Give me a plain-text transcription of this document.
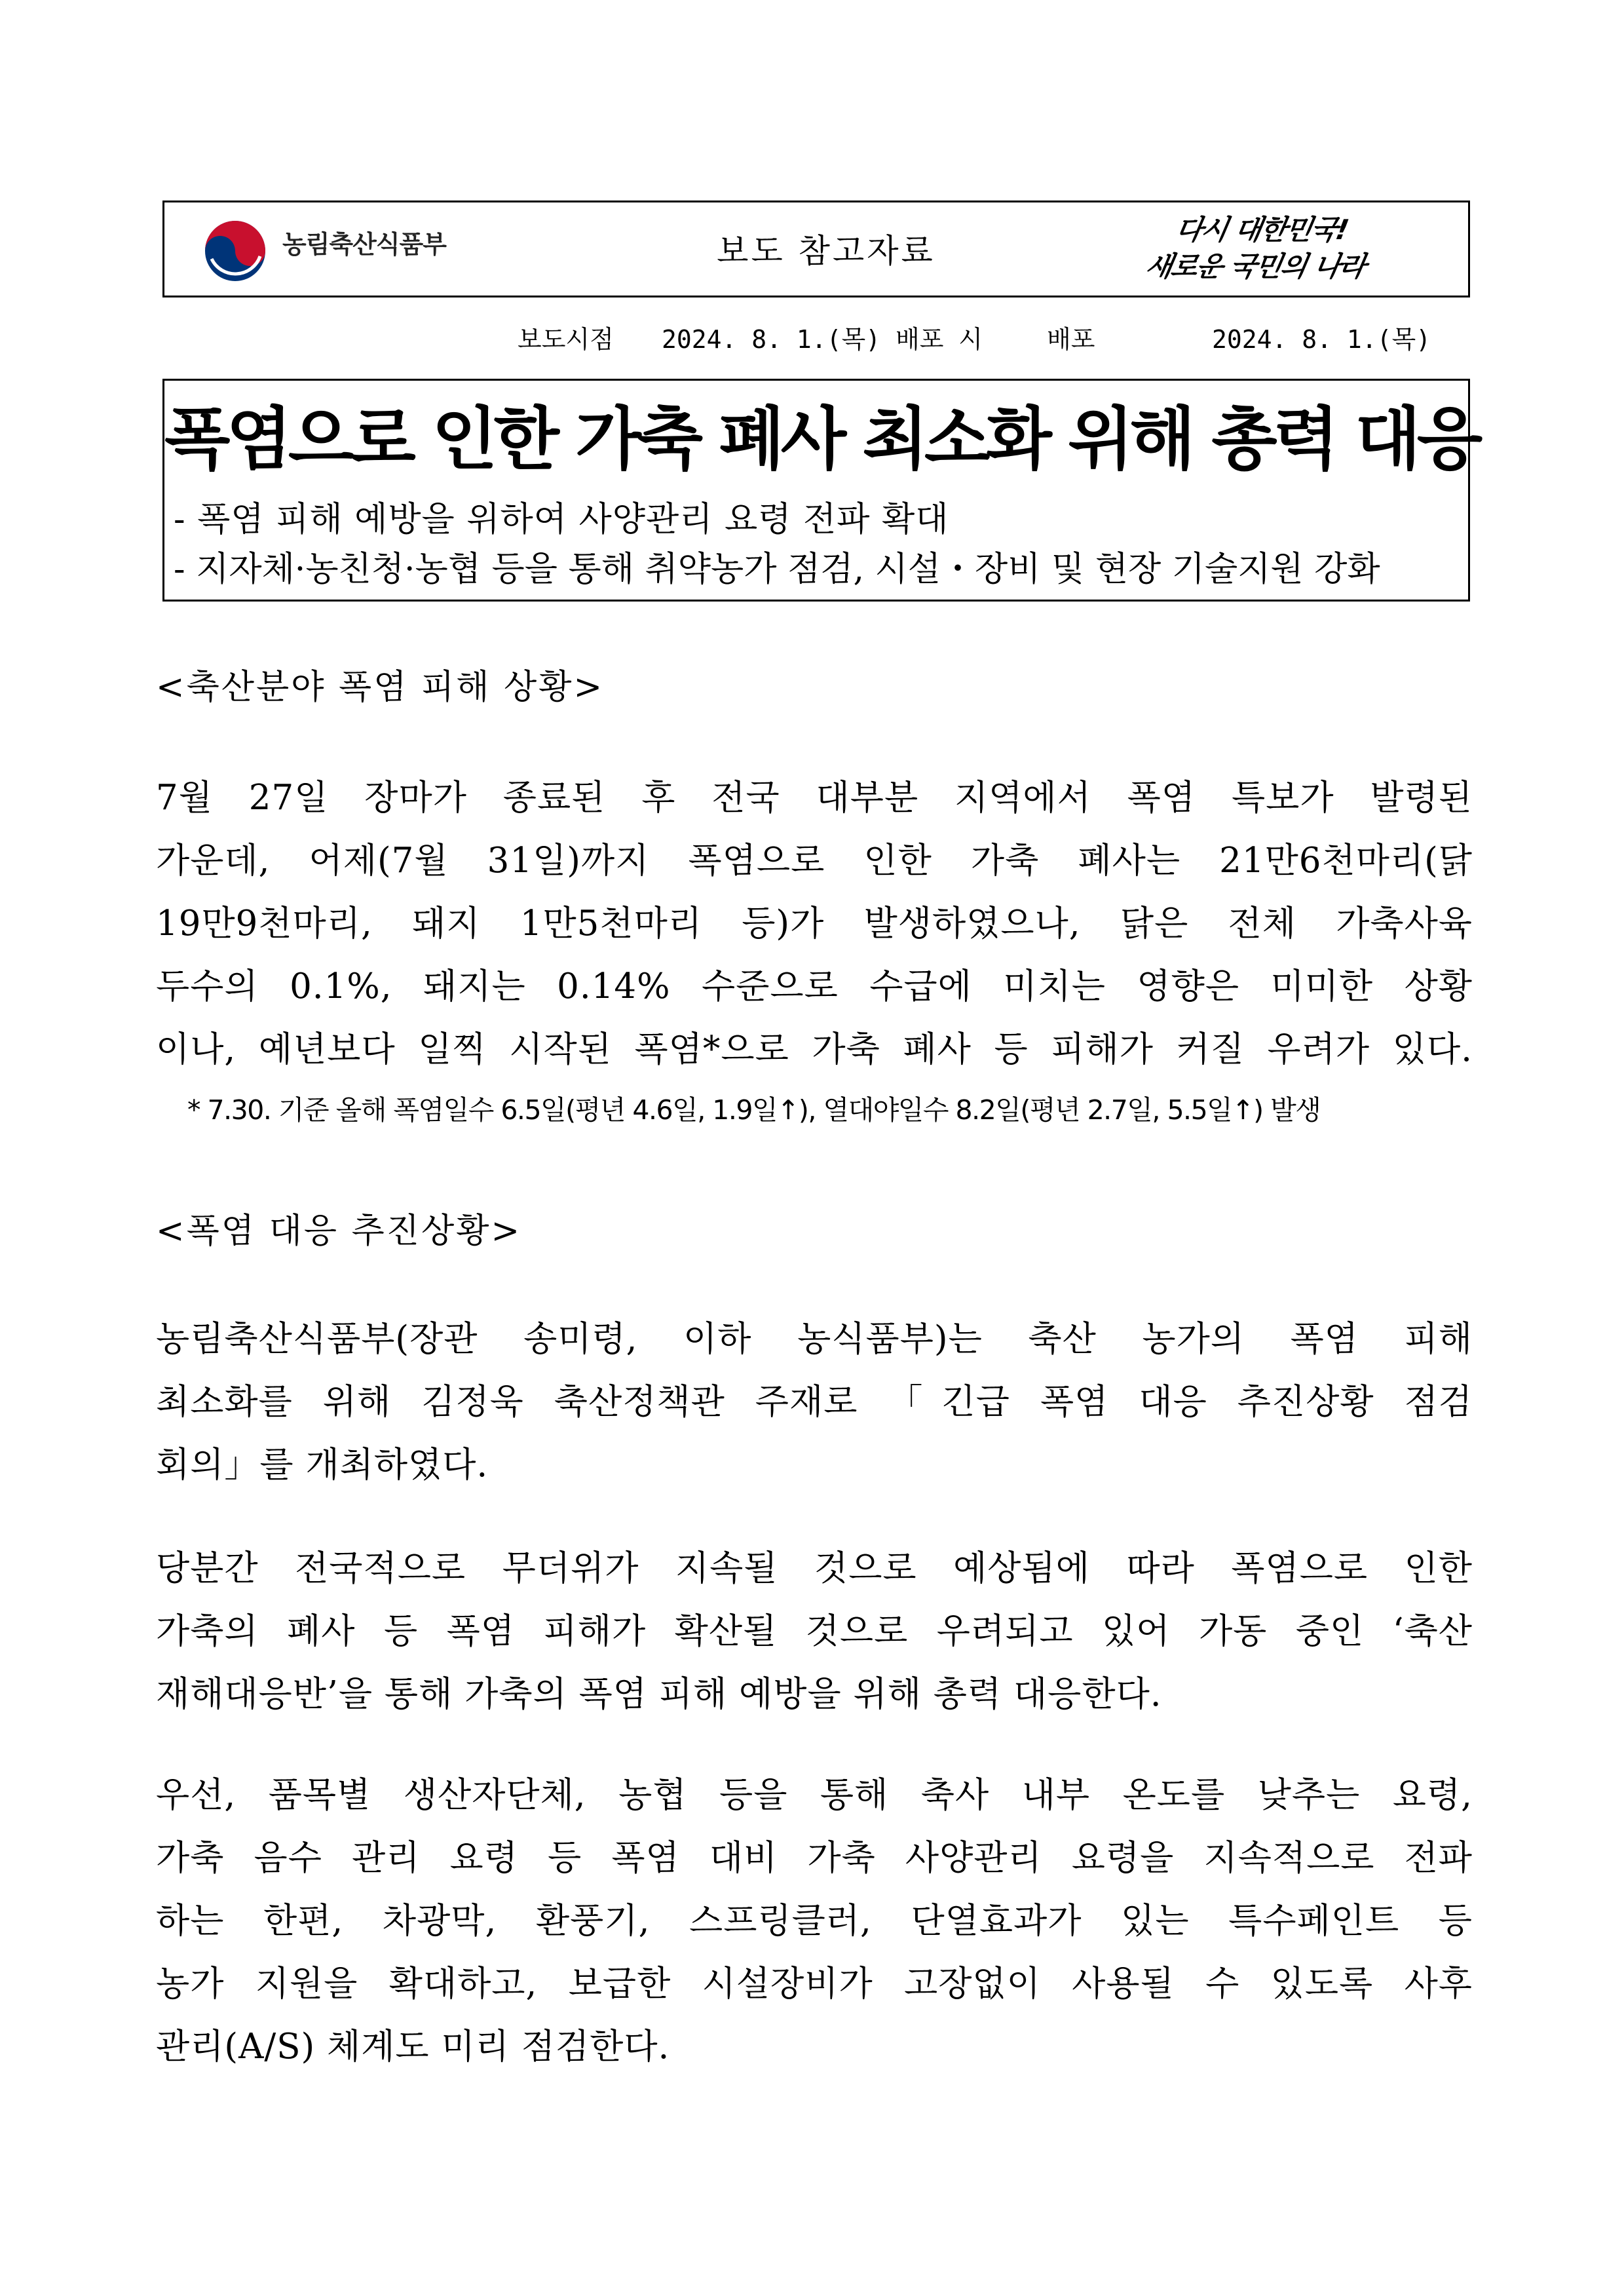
농림축산식품부	보도 참고자료
다시 대한민국!
새로운 국민의 나라
보도시점 2024. 8. 1.(목) 배포 시	배포	2024. 8. 1.(목)
폭염으로 인한 가축 폐사 최소화 위해 총력 대응
- 폭염 피해 예방을 위하여 사양관리 요령 전파 확대
- 지자체·농친청·농협 등을 통해 취약농가 점검, 시설・장비 및 현장 기술지원 강화
<축산분야 폭염 피해 상황>
7월 27일 장마가 종료된 후 전국 대부분 지역에서 폭염 특보가 발령된
가운데, 어제(7월 31일)까지 폭염으로 인한 가축 폐사는 21만6천마리(닭
19만9천마리, 돼지 1만5천마리 등)가 발생하였으나, 닭은 전체 가축사육
두수의 0.1%, 돼지는 0.14% 수준으로 수급에 미치는 영향은 미미한 상황
이나, 예년보다 일찍 시작된 폭염*으로 가축 폐사 등 피해가 커질 우려가 있다.
* 7.30. 기준 올해 폭염일수 6.5일(평년 4.6일, 1.9일↑), 열대야일수 8.2일(평년 2.7일, 5.5일↑) 발생
<폭염 대응 추진상황>
농림축산식품부(장관 송미령, 이하 농식품부)는 축산 농가의 폭염 피해
최소화를 위해 김정욱 축산정책관 주재로 「긴급 폭염 대응 추진상황 점검
회의」를 개최하였다.
당분간 전국적으로 무더위가 지속될 것으로 예상됨에 따라 폭염으로 인한
가축의 폐사 등 폭염 피해가 확산될 것으로 우려되고 있어 가동 중인 ‘축산
재해대응반’을 통해 가축의 폭염 피해 예방을 위해 총력 대응한다.
우선, 품목별 생산자단체, 농협 등을 통해 축사 내부 온도를 낮추는 요령,
가축 음수 관리 요령 등 폭염 대비 가축 사양관리 요령을 지속적으로 전파
하는 한편, 차광막, 환풍기, 스프링클러, 단열효과가 있는 특수페인트 등
농가 지원을 확대하고, 보급한 시설장비가 고장없이 사용될 수 있도록 사후
관리(A/S) 체계도 미리 점검한다.
